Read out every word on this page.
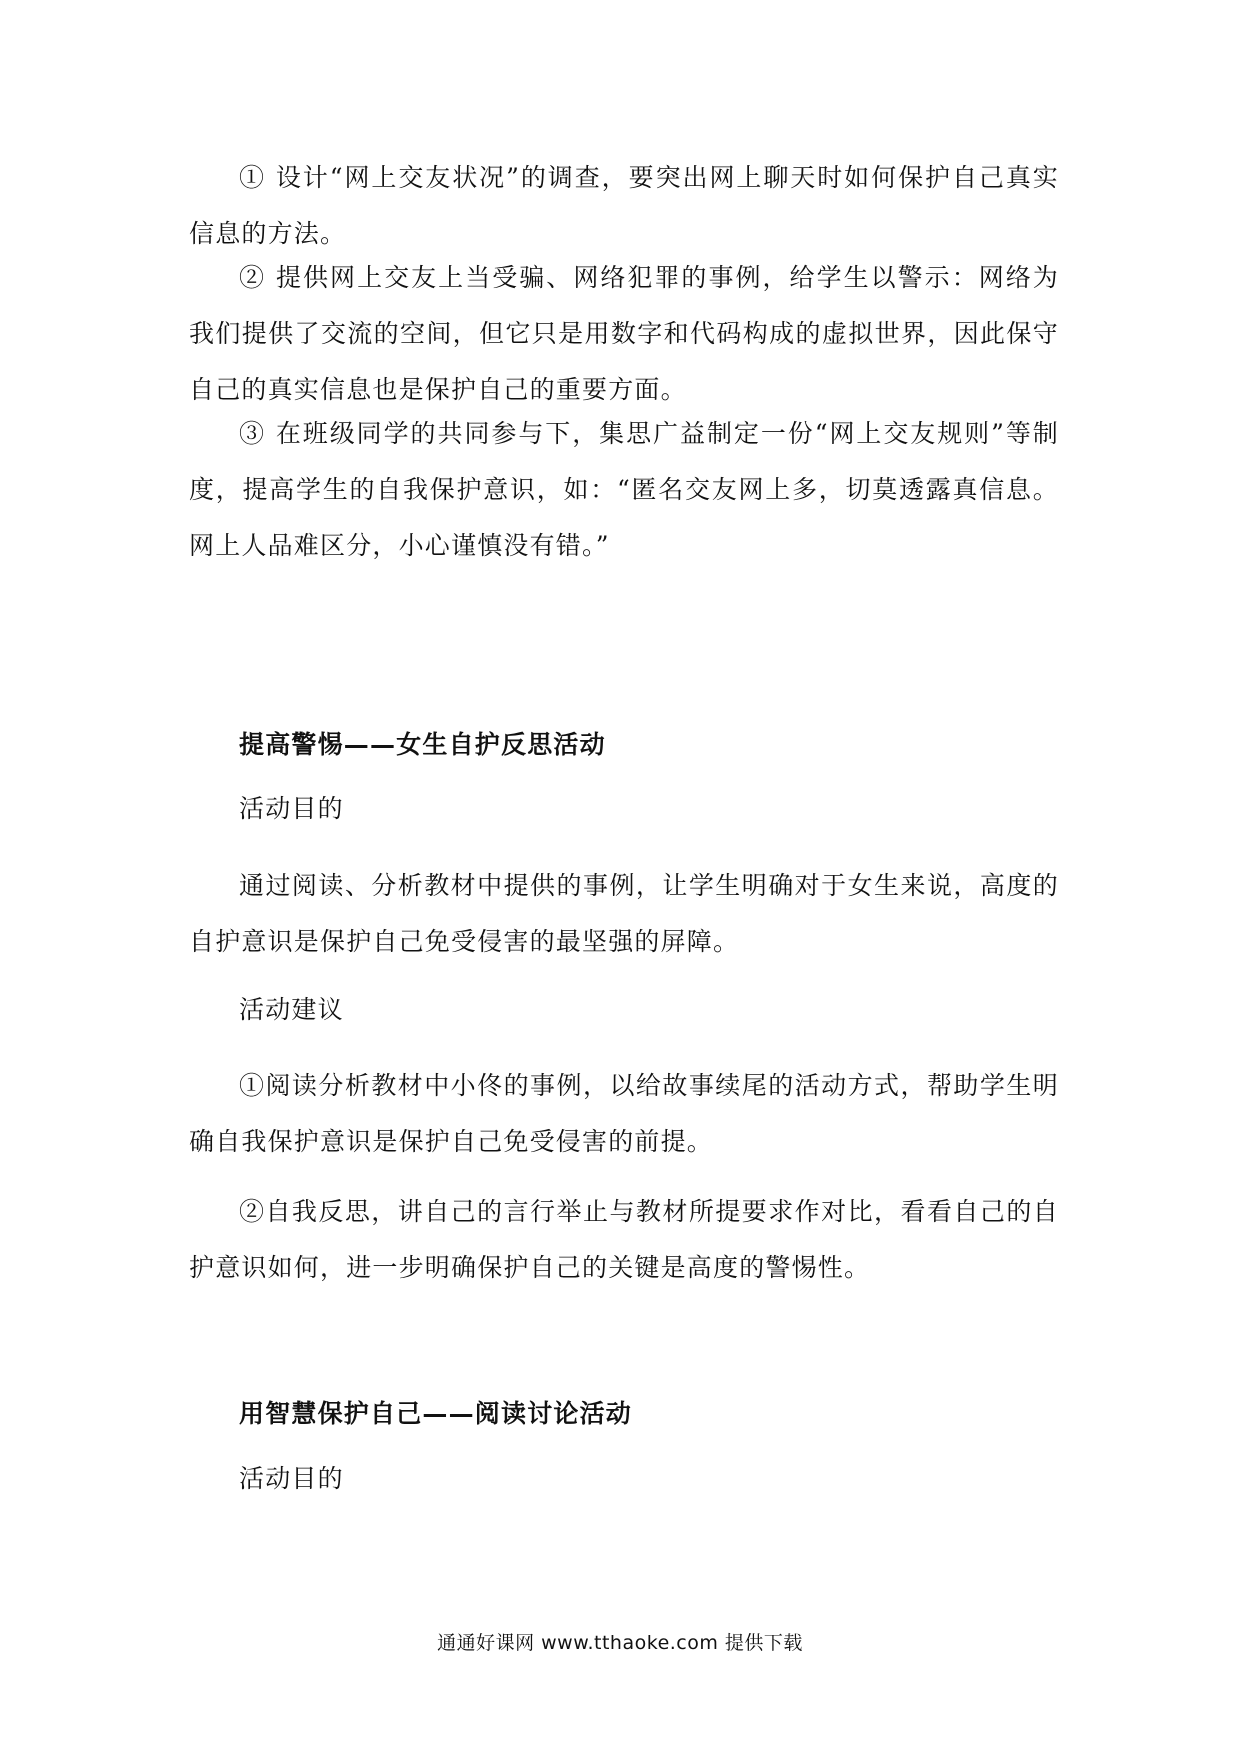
① 设计“网上交友状况”的调查，要突出网上聊天时如何保护自己真实信息的方法。

② 提供网上交友上当受骗、网络犯罪的事例，给学生以警示：网络为我们提供了交流的空间，但它只是用数字和代码构成的虚拟世界，因此保守自己的真实信息也是保护自己的重要方面。

③ 在班级同学的共同参与下，集思广益制定一份“网上交友规则”等制度，提高学生的自我保护意识，如：“匿名交友网上多，切莫透露真信息。网上人品难区分，小心谨慎没有错。”

提高警惕——女生自护反思活动

活动目的

通过阅读、分析教材中提供的事例，让学生明确对于女生来说，高度的自护意识是保护自己免受侵害的最坚强的屏障。

活动建议

①阅读分析教材中小佟的事例，以给故事续尾的活动方式，帮助学生明确自我保护意识是保护自己免受侵害的前提。

②自我反思，讲自己的言行举止与教材所提要求作对比，看看自己的自护意识如何，进一步明确保护自己的关键是高度的警惕性。

用智慧保护自己——阅读讨论活动

活动目的

通通好课网 www.tthaoke.com 提供下载
